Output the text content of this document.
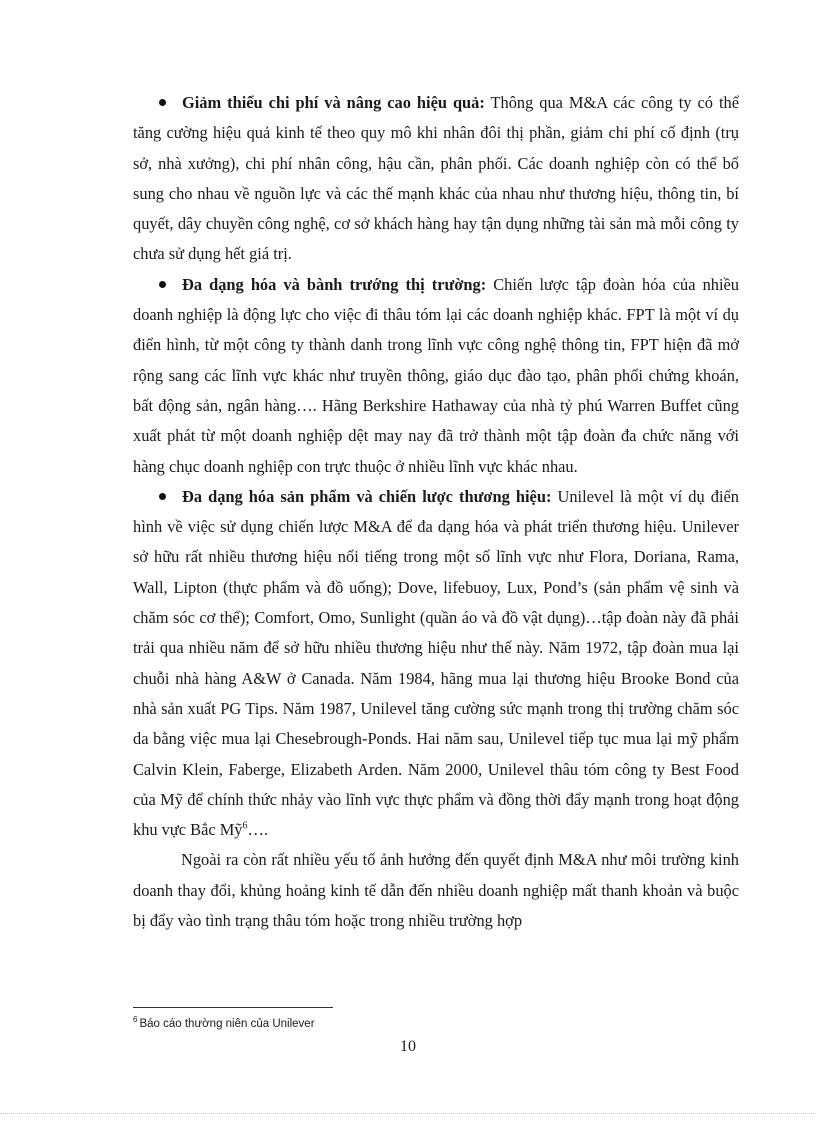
Giảm thiểu chi phí và nâng cao hiệu quả: Thông qua M&A các công ty có thể tăng cường hiệu quả kinh tế theo quy mô khi nhân đôi thị phần, giảm chi phí cố định (trụ sở, nhà xưởng), chi phí nhân công, hậu cần, phân phối. Các doanh nghiệp còn có thể bổ sung cho nhau về nguồn lực và các thế mạnh khác của nhau như thương hiệu, thông tin, bí quyết, dây chuyền công nghệ, cơ sở khách hàng hay tận dụng những tài sản mà mỗi công ty chưa sử dụng hết giá trị.

Đa dạng hóa và bành trướng thị trường: Chiến lược tập đoàn hóa của nhiều doanh nghiệp là động lực cho việc đi thâu tóm lại các doanh nghiệp khác. FPT là một ví dụ điển hình, từ một công ty thành danh trong lĩnh vực công nghệ thông tin, FPT hiện đã mở rộng sang các lĩnh vực khác như truyền thông, giáo dục đào tạo, phân phối chứng khoán, bất động sản, ngân hàng…. Hãng Berkshire Hathaway của nhà tỷ phú Warren Buffet cũng xuất phát từ một doanh nghiệp dệt may nay đã trở thành một tập đoàn đa chức năng với hàng chục doanh nghiệp con trực thuộc ở nhiều lĩnh vực khác nhau.

Đa dạng hóa sản phẩm và chiến lược thương hiệu: Unilevel là một ví dụ điển hình về việc sử dụng chiến lược M&A để đa dạng hóa và phát triển thương hiệu. Unilever sở hữu rất nhiều thương hiệu nổi tiếng trong một số lĩnh vực như Flora, Doriana, Rama, Wall, Lipton (thực phẩm và đồ uống); Dove, lifebuoy, Lux, Pond’s (sản phẩm vệ sinh và chăm sóc cơ thể); Comfort, Omo, Sunlight (quần áo và đồ vật dụng)…tập đoàn này đã phải trải qua nhiều năm để sở hữu nhiều thương hiệu như thế này. Năm 1972, tập đoàn mua lại chuỗi nhà hàng A&W ở Canada. Năm 1984, hãng mua lại thương hiệu Brooke Bond của nhà sản xuất PG Tips. Năm 1987, Unilevel tăng cường sức mạnh trong thị trường chăm sóc da bằng việc mua lại Chesebrough-Ponds. Hai năm sau, Unilevel tiếp tục mua lại mỹ phẩm Calvin Klein, Faberge, Elizabeth Arden. Năm 2000, Unilevel thâu tóm công ty Best Food của Mỹ để chính thức nhảy vào lĩnh vực thực phẩm và đồng thời đẩy mạnh trong hoạt động khu vực Bắc Mỹ$^6$….

Ngoài ra còn rất nhiều yếu tố ảnh hưởng đến quyết định M&A như môi trường kinh doanh thay đổi, khủng hoảng kinh tế dẫn đến nhiều doanh nghiệp mất thanh khoản và buộc bị đẩy vào tình trạng thâu tóm hoặc trong nhiều trường hợp

$^6$ Báo cáo thường niên của Unilever
10
